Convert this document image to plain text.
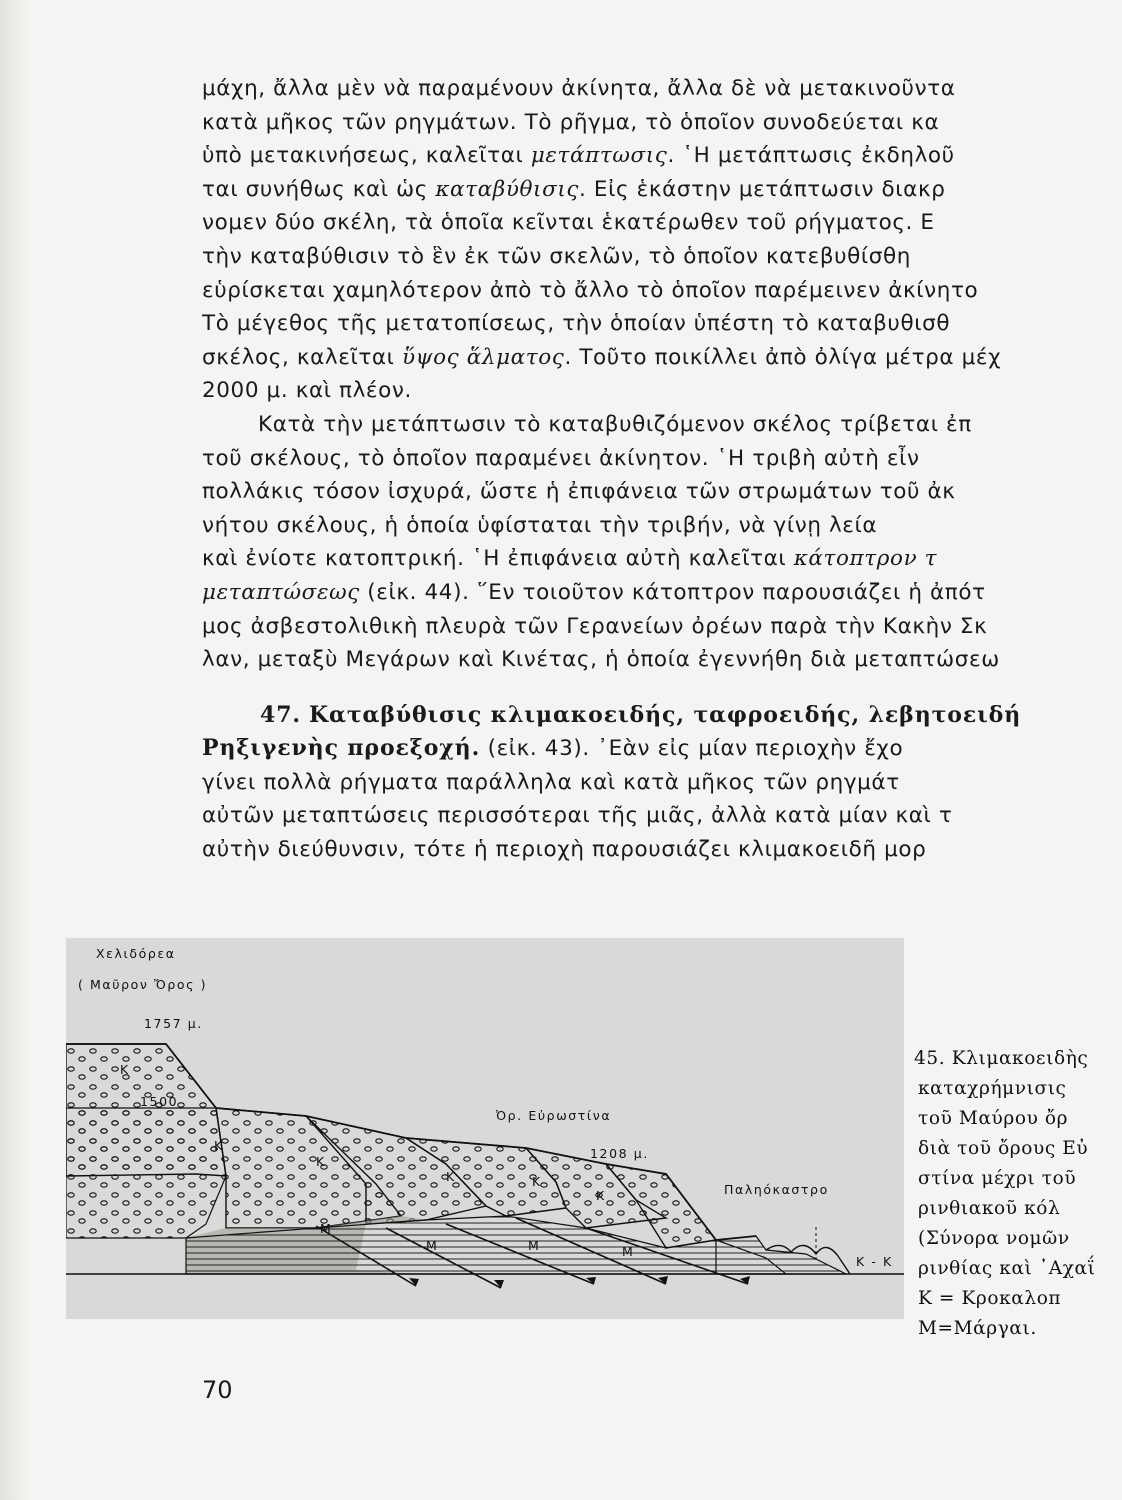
μάχη, ἄλλα μὲν νὰ παραμένουν ἀκίνητα, ἄλλα δὲ νὰ μετακινοῦντα
κατὰ μῆκος τῶν ρηγμάτων. Τὸ ρῆγμα, τὸ ὁποῖον συνοδεύεται κα
ὑπὸ μετακινήσεως, καλεῖται μετάπτωσις. ῾Η μετάπτωσις ἐκδηλοῦ
ται συνήθως καὶ ὡς καταβύθισις. Εἰς ἑκάστην μετάπτωσιν διακρ
νομεν δύο σκέλη, τὰ ὁποῖα κεῖνται ἑκατέρωθεν τοῦ ρήγματος. Ε
τὴν καταβύθισιν τὸ ἓν ἐκ τῶν σκελῶν, τὸ ὁποῖον κατεβυθίσθη
εὑρίσκεται χαμηλότερον ἀπὸ τὸ ἄλλο τὸ ὁποῖον παρέμεινεν ἀκίνητο
Τὸ μέγεθος τῆς μετατοπίσεως, τὴν ὁποίαν ὑπέστη τὸ καταβυθισθ
σκέλος, καλεῖται ὕψος ἅλματος. Τοῦτο ποικίλλει ἀπὸ ὀλίγα μέτρα μέχ
2000 μ. καὶ πλέον.
Κατὰ τὴν μετάπτωσιν τὸ καταβυθιζόμενον σκέλος τρίβεται ἐπ
τοῦ σκέλους, τὸ ὁποῖον παραμένει ἀκίνητον. ῾Η τριβὴ αὐτὴ εἶν
πολλάκις τόσον ἰσχυρά, ὥστε ἡ ἐπιφάνεια τῶν στρωμάτων τοῦ ἀκ
νήτου σκέλους, ἡ ὁποία ὑφίσταται τὴν τριβήν, νὰ γίνῃ λεία
καὶ ἐνίοτε κατοπτρική. ῾Η ἐπιφάνεια αὐτὴ καλεῖται κάτοπτρον τ
μεταπτώσεως (εἰκ. 44). ῞Εν τοιοῦτον κάτοπτρον παρουσιάζει ἡ ἀπότ
μος ἀσβεστολιθικὴ πλευρὰ τῶν Γερανείων ὀρέων παρὰ τὴν Κακὴν Σκ
λαν, μεταξὺ Μεγάρων καὶ Κινέτας, ἡ ὁποία ἐγεννήθη διὰ μεταπτώσεω
47. Καταβύθισις κλιμακοειδής, ταφροειδής, λεβητοειδή
Ρηξιγενὴς προεξοχή. (εἰκ. 43). ᾿Εὰν εἰς μίαν περιοχὴν ἔχο
γίνει πολλὰ ρήγματα παράλληλα καὶ κατὰ μῆκος τῶν ρηγμάτ
αὐτῶν μεταπτώσεις περισσότεραι τῆς μιᾶς, ἀλλὰ κατὰ μίαν καὶ τ
αὐτὴν διεύθυνσιν, τότε ἡ περιοχὴ παρουσιάζει κλιμακοειδῆ μορ
Χελιδόρεα
( Μαῦρον Ὄρος )
1757 μ.
1500
K
K
K
K	K
K
M
M	M	M
Ὀρ. Εὐρωστίνα
1208 μ.
Παληόκαστρο
Κ - Κ
45. Κλιμακοειδὴς
καταχρήμνισις
τοῦ Μαύρου ὄρ
διὰ τοῦ ὄρους Εὐ
στίνα μέχρι τοῦ
ρινθιακοῦ κόλ
(Σύνορα νομῶν
ρινθίας καὶ ᾿Αχαΐ
Κ = Κροκαλοπ
Μ=Μάργαι.
70
